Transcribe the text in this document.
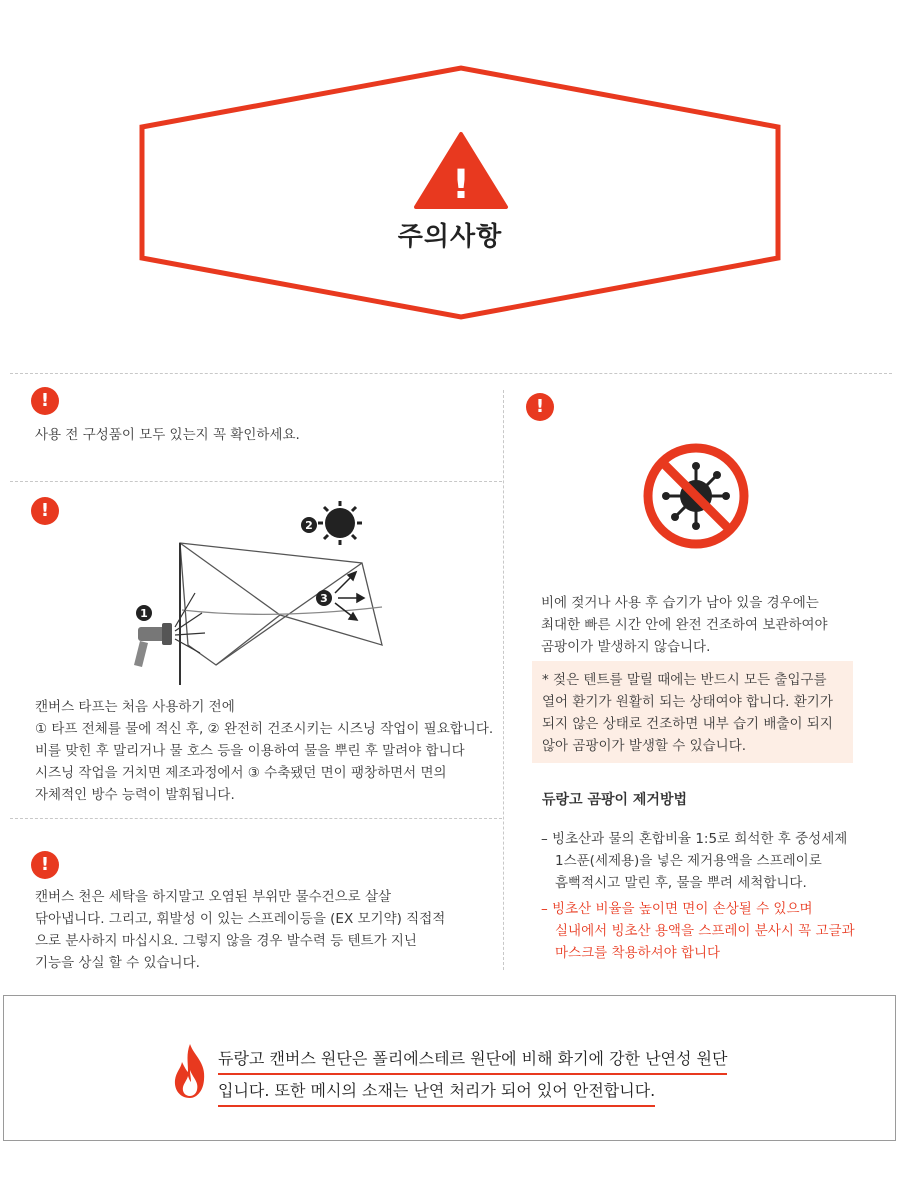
!
주의사항
!
사용 전 구성품이 모두 있는지 꼭 확인하세요.
!
2
3
1
캔버스 타프는 처음 사용하기 전에
① 타프 전체를 물에 적신 후, ② 완전히 건조시키는 시즈닝 작업이 필요합니다.
비를 맞힌 후 말리거나 물 호스 등을 이용하여 물을 뿌린 후 말려야 합니다
시즈닝 작업을 거치면 제조과정에서 ③ 수축됐던 면이 팽창하면서 면의
자체적인 방수 능력이 발휘됩니다.
!
캔버스 천은 세탁을 하지말고 오염된 부위만 물수건으로 살살
닦아냅니다. 그리고, 휘발성 이 있는 스프레이등을 (EX 모기약) 직접적
으로 분사하지 마십시요. 그렇지 않을 경우 발수력 등 텐트가 지닌
기능을 상실 할 수 있습니다.
!
비에 젖거나 사용 후 습기가 남아 있을 경우에는
최대한 빠른 시간 안에 완전 건조하여 보관하여야
곰팡이가 발생하지 않습니다.
* 젖은 텐트를 말릴 때에는 반드시 모든 출입구를
열어 환기가 원활히 되는 상태여야 합니다. 환기가
되지 않은 상태로 건조하면 내부 습기 배출이 되지
않아 곰팡이가 발생할 수 있습니다.
듀랑고 곰팡이 제거방법
– 빙초산과 물의 혼합비율 1:5로 희석한 후 중성세제
1스푼(세제용)을 넣은 제거용액을 스프레이로
흠뻑적시고 말린 후, 물을 뿌려 세척합니다.
– 빙초산 비율을 높이면 면이 손상될 수 있으며
실내에서 빙초산 용액을 스프레이 분사시 꼭 고글과
마스크를 착용하셔야 합니다
듀랑고 캔버스 원단은 폴리에스테르 원단에 비해 화기에 강한 난연성 원단
입니다. 또한 메시의 소재는 난연 처리가 되어 있어 안전합니다.
